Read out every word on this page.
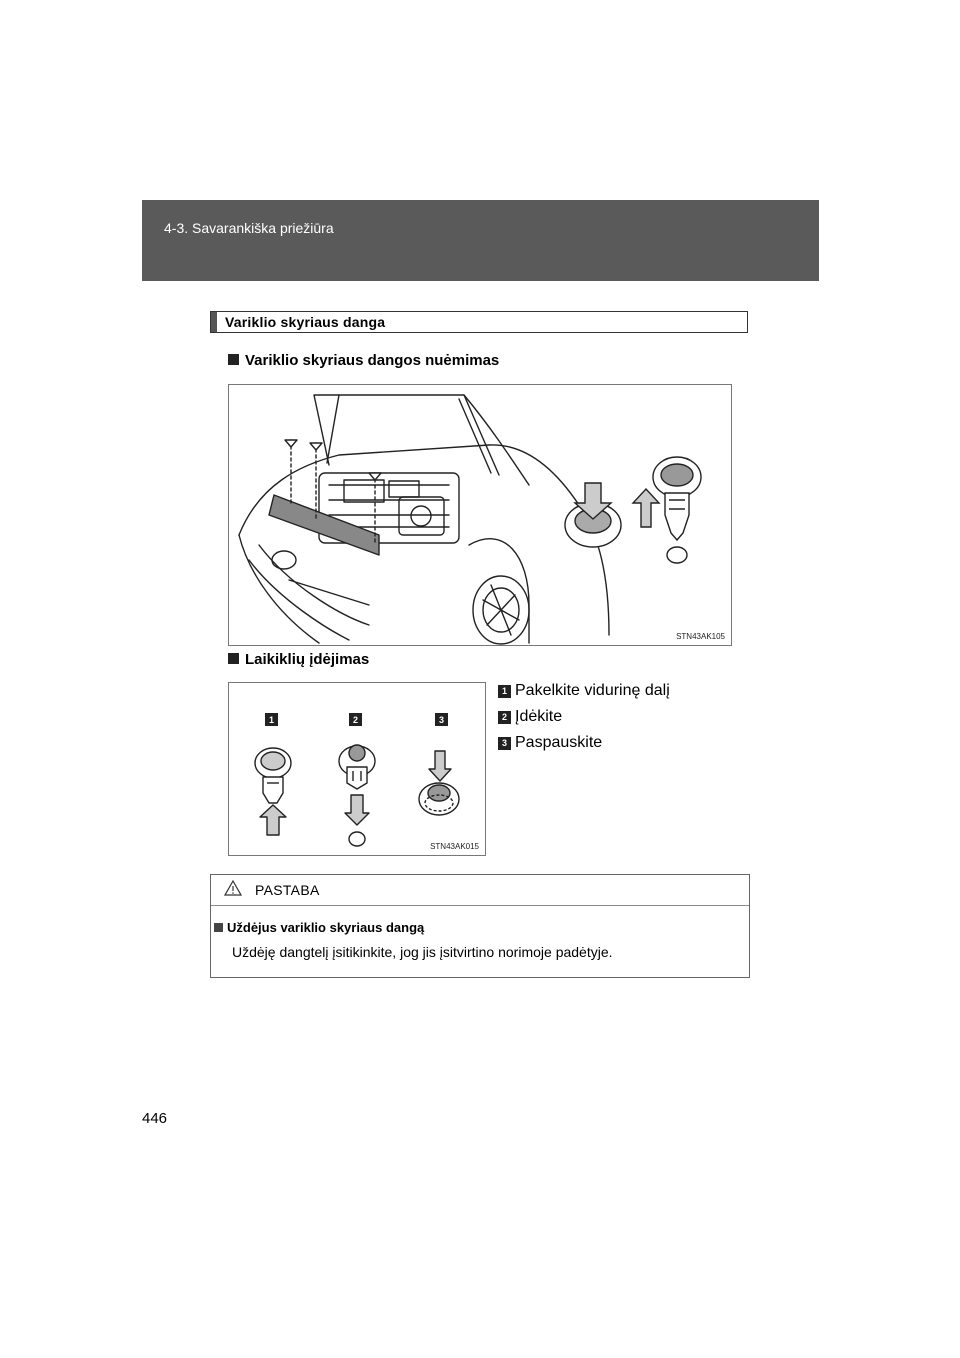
4-3. Savarankiška priežiūra
Variklio skyriaus danga
Variklio skyriaus dangos nuėmimas
STN43AK105
Laikiklių įdėjimas
1	2	3
STN43AK015
1 Pakelkite vidurinę dalį
2 Įdėkite
3 Paspauskite
PASTABA
Uždėjus variklio skyriaus dangą
Uždėję dangtelį įsitikinkite, jog jis įsitvirtino norimoje padėtyje.
446
